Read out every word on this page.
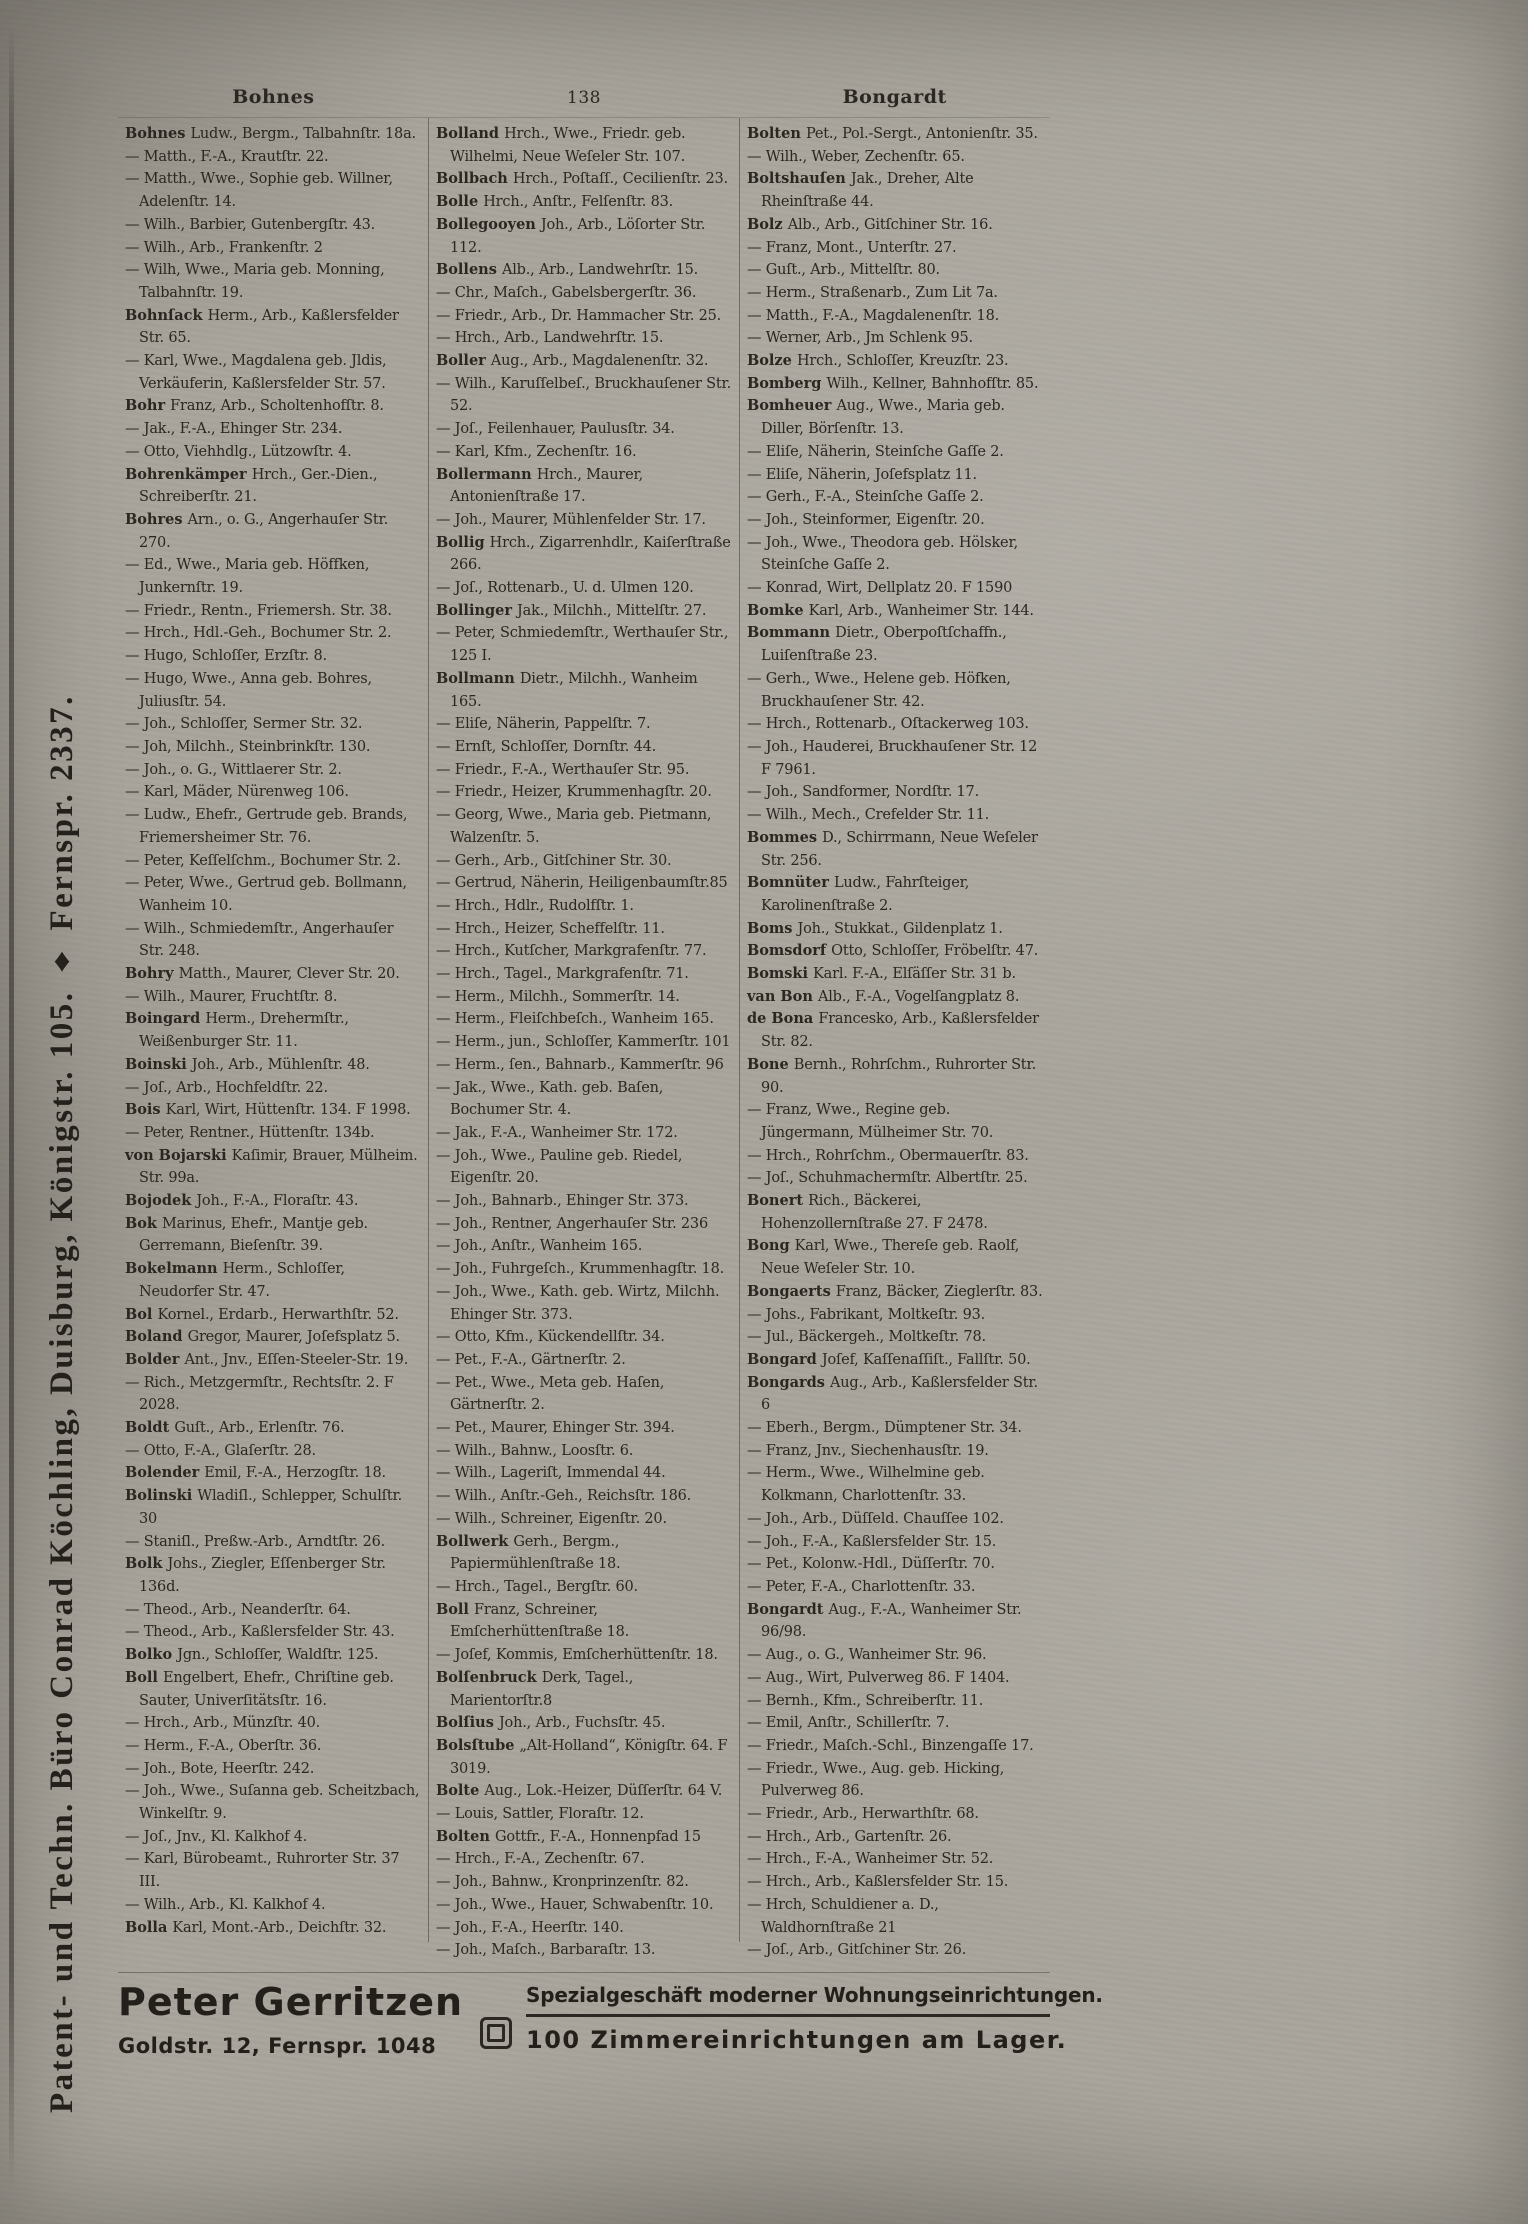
Patent- und Techn. Büro Conrad Köchling, Duisburg, Königstr. 105. ♦ Fernspr. 2337.
Bohnes	138	Bongardt
Bohnes Ludw., Bergm., Talbahnſtr. 18a.
— Matth., F.-A., Krautſtr. 22.
— Matth., Wwe., Sophie geb. Willner, Adelenſtr. 14.
— Wilh., Barbier, Gutenbergſtr. 43.
— Wilh., Arb., Frankenſtr. 2
— Wilh, Wwe., Maria geb. Monning, Talbahnſtr. 19.
Bohnſack Herm., Arb., Kaßlersfelder Str. 65.
— Karl, Wwe., Magdalena geb. Jldis, Verkäuferin, Kaßlersfelder Str. 57.
Bohr Franz, Arb., Scholtenhofſtr. 8.
— Jak., F.-A., Ehinger Str. 234.
— Otto, Viehhdlg., Lützowſtr. 4.
Bohrenkämper Hrch., Ger.-Dien., Schreiberſtr. 21.
Bohres Arn., o. G., Angerhauſer Str. 270.
— Ed., Wwe., Maria geb. Höffken, Junkernſtr. 19.
— Friedr., Rentn., Friemersh. Str. 38.
— Hrch., Hdl.-Geh., Bochumer Str. 2.
— Hugo, Schloſſer, Erzſtr. 8.
— Hugo, Wwe., Anna geb. Bohres, Juliusſtr. 54.
— Joh., Schloſſer, Sermer Str. 32.
— Joh, Milchh., Steinbrinkſtr. 130.
— Joh., o. G., Wittlaerer Str. 2.
— Karl, Mäder, Nürenweg 106.
— Ludw., Ehefr., Gertrude geb. Brands, Friemersheimer Str. 76.
— Peter, Keſſelſchm., Bochumer Str. 2.
— Peter, Wwe., Gertrud geb. Bollmann, Wanheim 10.
— Wilh., Schmiedemſtr., Angerhauſer Str. 248.
Bohry Matth., Maurer, Clever Str. 20.
— Wilh., Maurer, Fruchtſtr. 8.
Boingard Herm., Drehermſtr., Weißenburger Str. 11.
Boinski Joh., Arb., Mühlenſtr. 48.
— Joſ., Arb., Hochfeldſtr. 22.
Bois Karl, Wirt, Hüttenſtr. 134. F 1998.
— Peter, Rentner., Hüttenſtr. 134b.
von Bojarski Kaſimir, Brauer, Mülheim. Str. 99a.
Bojodek Joh., F.-A., Floraſtr. 43.
Bok Marinus, Ehefr., Mantje geb. Gerremann, Bieſenſtr. 39.
Bokelmann Herm., Schloſſer, Neudorfer Str. 47.
Bol Kornel., Erdarb., Herwarthſtr. 52.
Boland Gregor, Maurer, Joſefsplatz 5.
Bolder Ant., Jnv., Eſſen-Steeler-Str. 19.
— Rich., Metzgermſtr., Rechtsſtr. 2. F 2028.
Boldt Guſt., Arb., Erlenſtr. 76.
— Otto, F.-A., Glaſerſtr. 28.
Bolender Emil, F.-A., Herzogſtr. 18.
Bolinski Wladiſl., Schlepper, Schulſtr. 30
— Staniſl., Preßw.-Arb., Arndtſtr. 26.
Bolk Johs., Ziegler, Eſſenberger Str. 136d.
— Theod., Arb., Neanderſtr. 64.
— Theod., Arb., Kaßlersfelder Str. 43.
Bolko Jgn., Schloſſer, Waldſtr. 125.
Boll Engelbert, Ehefr., Chriſtine geb. Sauter, Univerſitätsſtr. 16.
— Hrch., Arb., Münzſtr. 40.
— Herm., F.-A., Oberſtr. 36.
— Joh., Bote, Heerſtr. 242.
— Joh., Wwe., Suſanna geb. Scheitzbach, Winkelſtr. 9.
— Joſ., Jnv., Kl. Kalkhof 4.
— Karl, Bürobeamt., Ruhrorter Str. 37 III.
— Wilh., Arb., Kl. Kalkhof 4.
Bolla Karl, Mont.-Arb., Deichſtr. 32.
Bolland Hrch., Wwe., Friedr. geb. Wilhelmi, Neue Weſeler Str. 107.
Bollbach Hrch., Poſtaſſ., Cecilienſtr. 23.
Bolle Hrch., Anſtr., Felſenſtr. 83.
Bollegooyen Joh., Arb., Löſorter Str. 112.
Bollens Alb., Arb., Landwehrſtr. 15.
— Chr., Maſch., Gabelsbergerſtr. 36.
— Friedr., Arb., Dr. Hammacher Str. 25.
— Hrch., Arb., Landwehrſtr. 15.
Boller Aug., Arb., Magdalenenſtr. 32.
— Wilh., Karuſſelbeſ., Bruckhauſener Str. 52.
— Joſ., Feilenhauer, Paulusſtr. 34.
— Karl, Kfm., Zechenſtr. 16.
Bollermann Hrch., Maurer, Antonienſtraße 17.
— Joh., Maurer, Mühlenfelder Str. 17.
Bollig Hrch., Zigarrenhdlr., Kaiſerſtraße 266.
— Joſ., Rottenarb., U. d. Ulmen 120.
Bollinger Jak., Milchh., Mittelſtr. 27.
— Peter, Schmiedemſtr., Werthauſer Str., 125 I.
Bollmann Dietr., Milchh., Wanheim 165.
— Eliſe, Näherin, Pappelſtr. 7.
— Ernſt, Schloſſer, Dornſtr. 44.
— Friedr., F.-A., Werthauſer Str. 95.
— Friedr., Heizer, Krummenhagſtr. 20.
— Georg, Wwe., Maria geb. Pietmann, Walzenſtr. 5.
— Gerh., Arb., Gitſchiner Str. 30.
— Gertrud, Näherin, Heiligenbaumſtr.85
— Hrch., Hdlr., Rudolfſtr. 1.
— Hrch., Heizer, Scheffelſtr. 11.
— Hrch., Kutſcher, Markgrafenſtr. 77.
— Hrch., Tagel., Markgrafenſtr. 71.
— Herm., Milchh., Sommerſtr. 14.
— Herm., Fleiſchbeſch., Wanheim 165.
— Herm., jun., Schloſſer, Kammerſtr. 101
— Herm., ſen., Bahnarb., Kammerſtr. 96
— Jak., Wwe., Kath. geb. Baſen, Bochumer Str. 4.
— Jak., F.-A., Wanheimer Str. 172.
— Joh., Wwe., Pauline geb. Riedel, Eigenſtr. 20.
— Joh., Bahnarb., Ehinger Str. 373.
— Joh., Rentner, Angerhauſer Str. 236
— Joh., Anſtr., Wanheim 165.
— Joh., Fuhrgeſch., Krummenhagſtr. 18.
— Joh., Wwe., Kath. geb. Wirtz, Milchh. Ehinger Str. 373.
— Otto, Kfm., Kückendellſtr. 34.
— Pet., F.-A., Gärtnerſtr. 2.
— Pet., Wwe., Meta geb. Haſen, Gärtnerſtr. 2.
— Pet., Maurer, Ehinger Str. 394.
— Wilh., Bahnw., Loosſtr. 6.
— Wilh., Lageriſt, Immendal 44.
— Wilh., Anſtr.-Geh., Reichsſtr. 186.
— Wilh., Schreiner, Eigenſtr. 20.
Bollwerk Gerh., Bergm., Papiermühlenſtraße 18.
— Hrch., Tagel., Bergſtr. 60.
Boll Franz, Schreiner, Emſcherhüttenſtraße 18.
— Joſef, Kommis, Emſcherhüttenſtr. 18.
Bolſenbruck Derk, Tagel., Marientorſtr.8
Bolſius Joh., Arb., Fuchsſtr. 45.
Bolsſtube „Alt-Holland“, Königſtr. 64. F 3019.
Bolte Aug., Lok.-Heizer, Düſſerſtr. 64 V.
— Louis, Sattler, Floraſtr. 12.
Bolten Gottfr., F.-A., Honnenpfad 15
— Hrch., F.-A., Zechenſtr. 67.
— Joh., Bahnw., Kronprinzenſtr. 82.
— Joh., Wwe., Hauer, Schwabenſtr. 10.
— Joh., F.-A., Heerſtr. 140.
— Joh., Maſch., Barbaraſtr. 13.
Bolten Pet., Pol.-Sergt., Antonienſtr. 35.
— Wilh., Weber, Zechenſtr. 65.
Boltshauſen Jak., Dreher, Alte Rheinſtraße 44.
Bolz Alb., Arb., Gitſchiner Str. 16.
— Franz, Mont., Unterſtr. 27.
— Guſt., Arb., Mittelſtr. 80.
— Herm., Straßenarb., Zum Lit 7a.
— Matth., F.-A., Magdalenenſtr. 18.
— Werner, Arb., Jm Schlenk 95.
Bolze Hrch., Schloſſer, Kreuzſtr. 23.
Bomberg Wilh., Kellner, Bahnhofſtr. 85.
Bomheuer Aug., Wwe., Maria geb. Diller, Börſenſtr. 13.
— Eliſe, Näherin, Steinſche Gaſſe 2.
— Eliſe, Näherin, Joſefsplatz 11.
— Gerh., F.-A., Steinſche Gaſſe 2.
— Joh., Steinformer, Eigenſtr. 20.
— Joh., Wwe., Theodora geb. Hölsker, Steinſche Gaſſe 2.
— Konrad, Wirt, Dellplatz 20. F 1590
Bomke Karl, Arb., Wanheimer Str. 144.
Bommann Dietr., Oberpoſtſchaffn., Luiſenſtraße 23.
— Gerh., Wwe., Helene geb. Höfken, Bruckhauſener Str. 42.
— Hrch., Rottenarb., Oſtackerweg 103.
— Joh., Hauderei, Bruckhauſener Str. 12 F 7961.
— Joh., Sandformer, Nordſtr. 17.
— Wilh., Mech., Crefelder Str. 11.
Bommes D., Schirrmann, Neue Weſeler Str. 256.
Bomnüter Ludw., Fahrſteiger, Karolinenſtraße 2.
Boms Joh., Stukkat., Gildenplatz 1.
Bomsdorf Otto, Schloſſer, Fröbelſtr. 47.
Bomski Karl. F.-A., Elſäſſer Str. 31 b.
van Bon Alb., F.-A., Vogelſangplatz 8.
de Bona Francesko, Arb., Kaßlersfelder Str. 82.
Bone Bernh., Rohrſchm., Ruhrorter Str. 90.
— Franz, Wwe., Regine geb. Jüngermann, Mülheimer Str. 70.
— Hrch., Rohrſchm., Obermauerſtr. 83.
— Joſ., Schuhmachermſtr. Albertſtr. 25.
Bonert Rich., Bäckerei, Hohenzollernſtraße 27. F 2478.
Bong Karl, Wwe., Thereſe geb. Raolf, Neue Weſeler Str. 10.
Bongaerts Franz, Bäcker, Zieglerſtr. 83.
— Johs., Fabrikant, Moltkeſtr. 93.
— Jul., Bäckergeh., Moltkeſtr. 78.
Bongard Joſef, Kaſſenaſſiſt., Fallſtr. 50.
Bongards Aug., Arb., Kaßlersfelder Str. 6
— Eberh., Bergm., Dümptener Str. 34.
— Franz, Jnv., Siechenhausſtr. 19.
— Herm., Wwe., Wilhelmine geb. Kolkmann, Charlottenſtr. 33.
— Joh., Arb., Düſſeld. Chauſſee 102.
— Joh., F.-A., Kaßlersfelder Str. 15.
— Pet., Kolonw.-Hdl., Düſſerſtr. 70.
— Peter, F.-A., Charlottenſtr. 33.
Bongardt Aug., F.-A., Wanheimer Str. 96/98.
— Aug., o. G., Wanheimer Str. 96.
— Aug., Wirt, Pulverweg 86. F 1404.
— Bernh., Kfm., Schreiberſtr. 11.
— Emil, Anſtr., Schillerſtr. 7.
— Friedr., Maſch.-Schl., Binzengaſſe 17.
— Friedr., Wwe., Aug. geb. Hicking, Pulverweg 86.
— Friedr., Arb., Herwarthſtr. 68.
— Hrch., Arb., Gartenſtr. 26.
— Hrch., F.-A., Wanheimer Str. 52.
— Hrch., Arb., Kaßlersfelder Str. 15.
— Hrch, Schuldiener a. D., Waldhornſtraße 21
— Joſ., Arb., Gitſchiner Str. 26.
Peter Gerritzen
Goldstr. 12, Fernspr. 1048
Spezialgeschäft moderner Wohnungseinrichtungen.
100 Zimmereinrichtungen am Lager.
